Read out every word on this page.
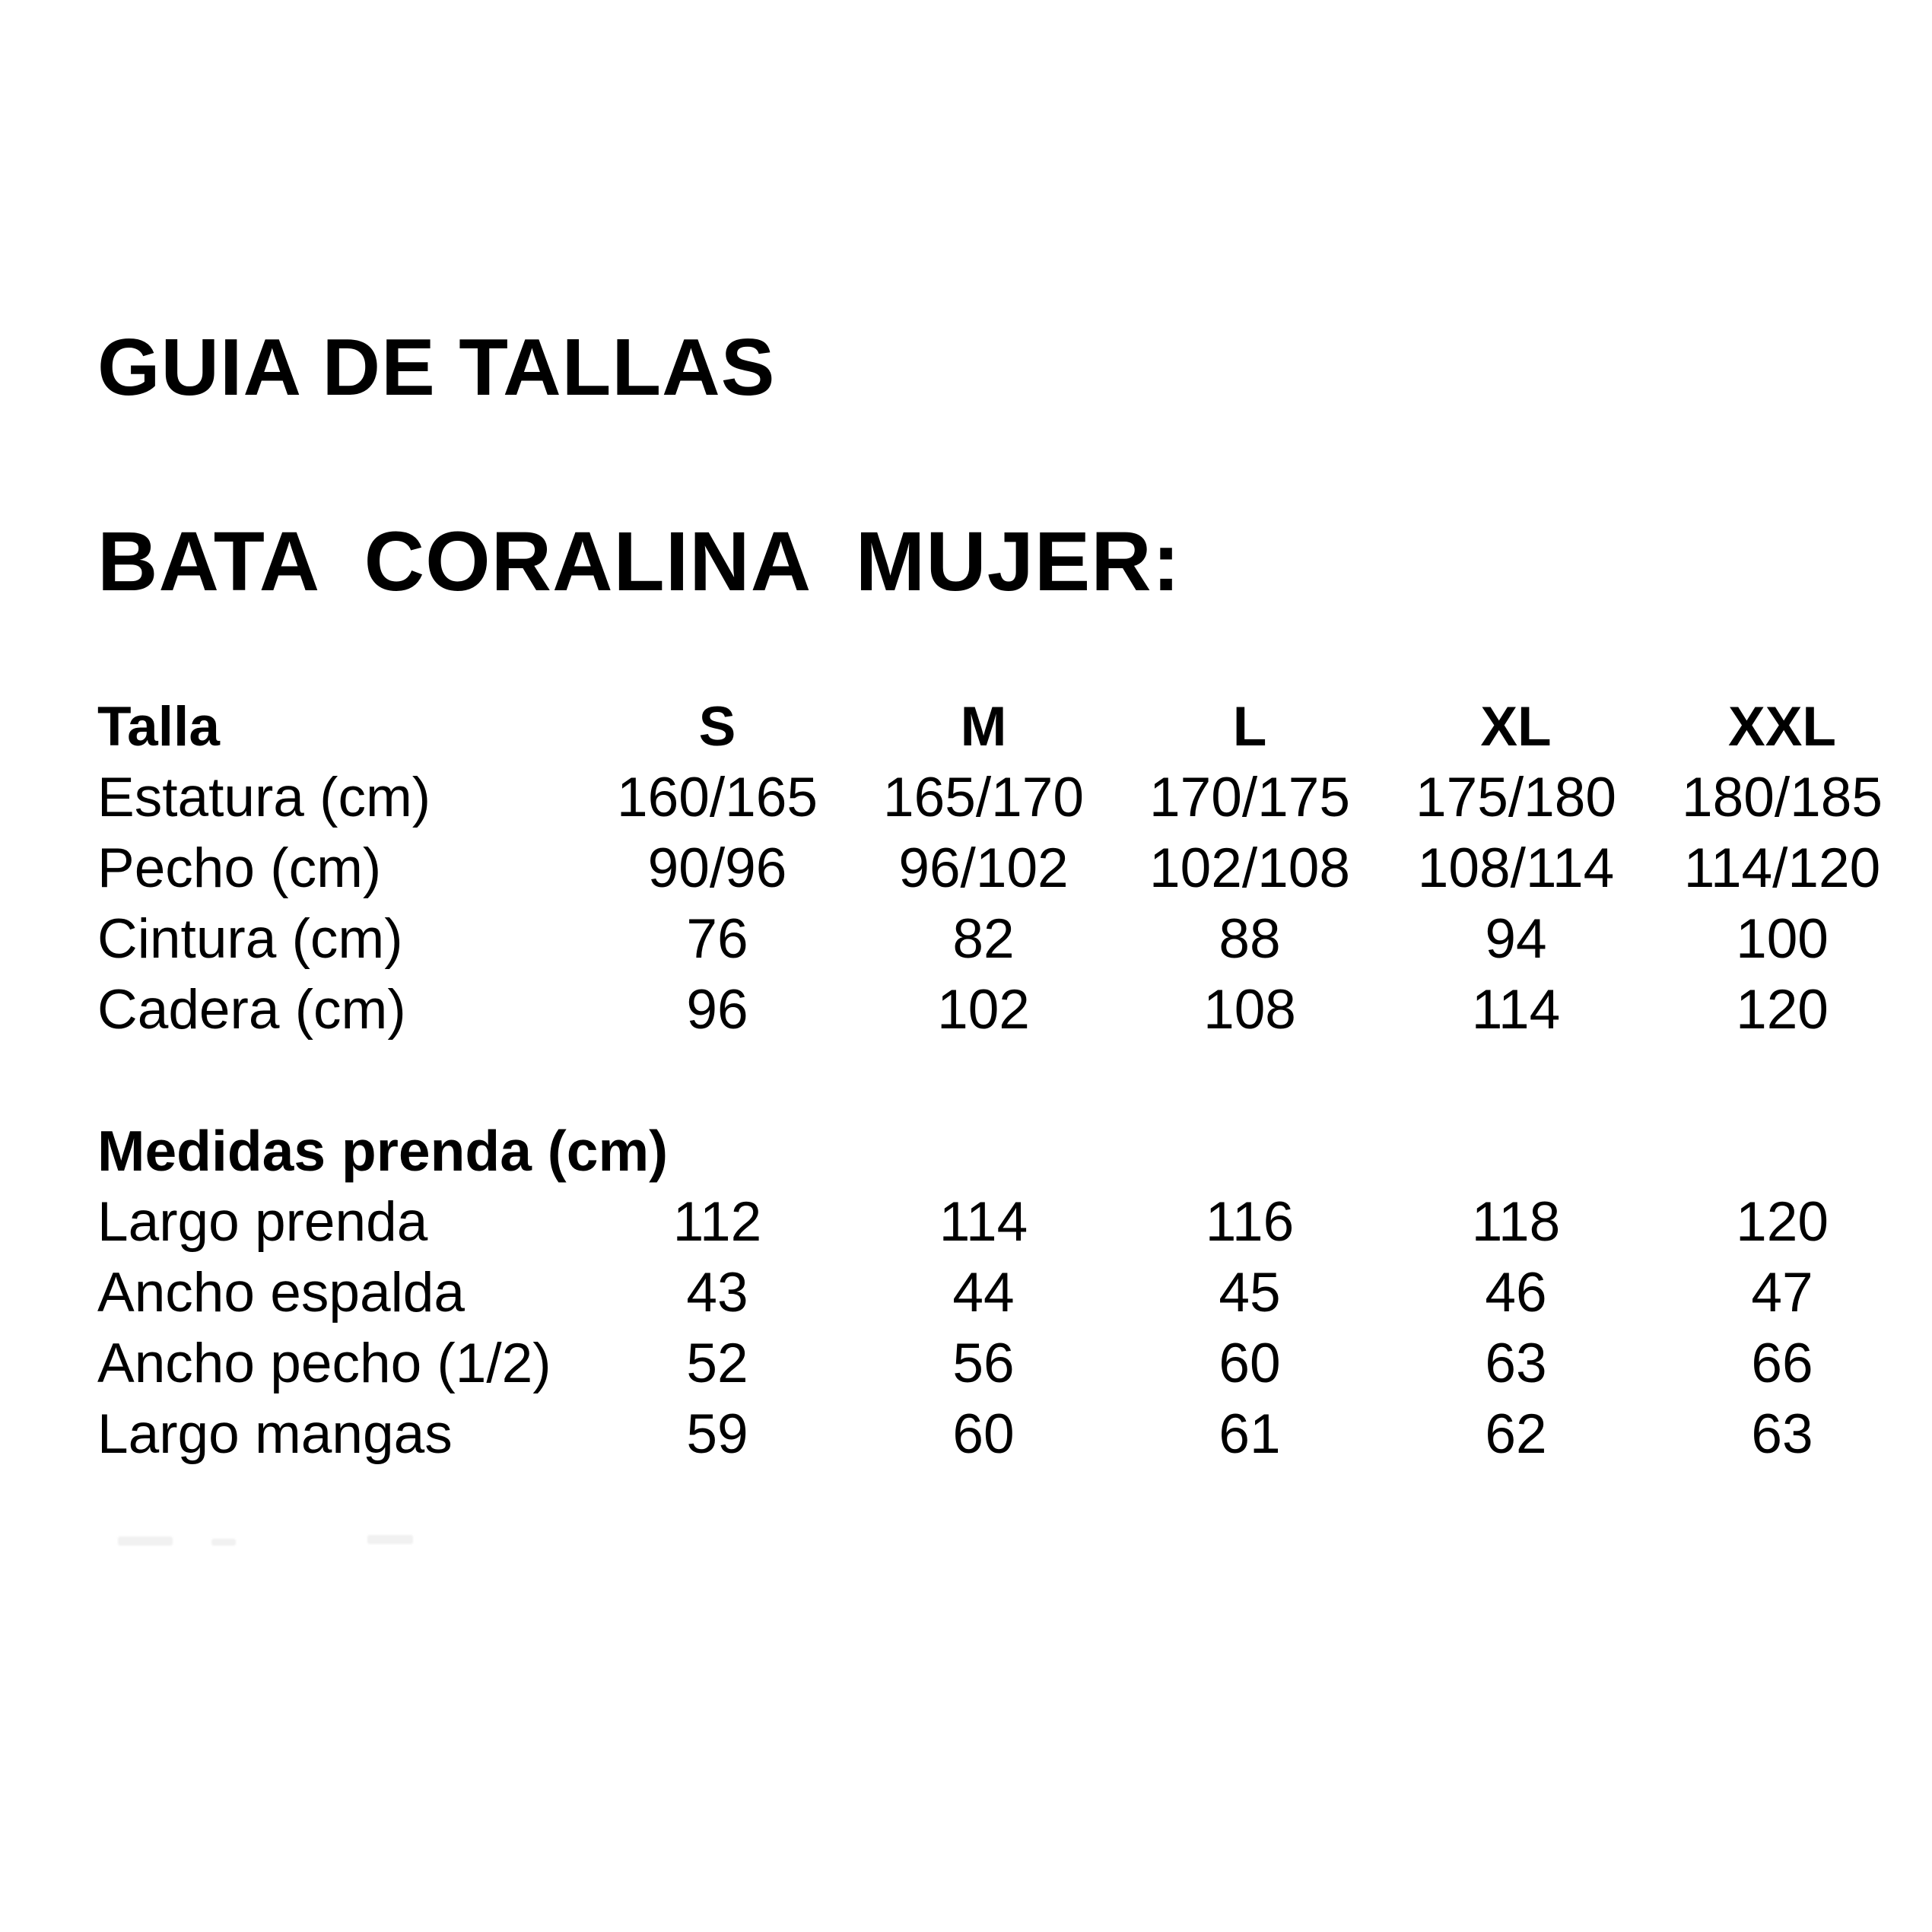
GUIA DE TALLAS
BATA CORALINA MUJER:
Talla	S	M	L	XL	XXL
Estatura (cm)	160/165	165/170	170/175	175/180	180/185
Pecho (cm)	90/96	96/102	102/108	108/114	114/120
Cintura (cm)	76	82	88	94	100
Cadera (cm)	96	102	108	114	120
Medidas prenda (cm)					
Largo prenda	112	114	116	118	120
Ancho espalda	43	44	45	46	47
Ancho pecho (1/2)	52	56	60	63	66
Largo mangas	59	60	61	62	63
